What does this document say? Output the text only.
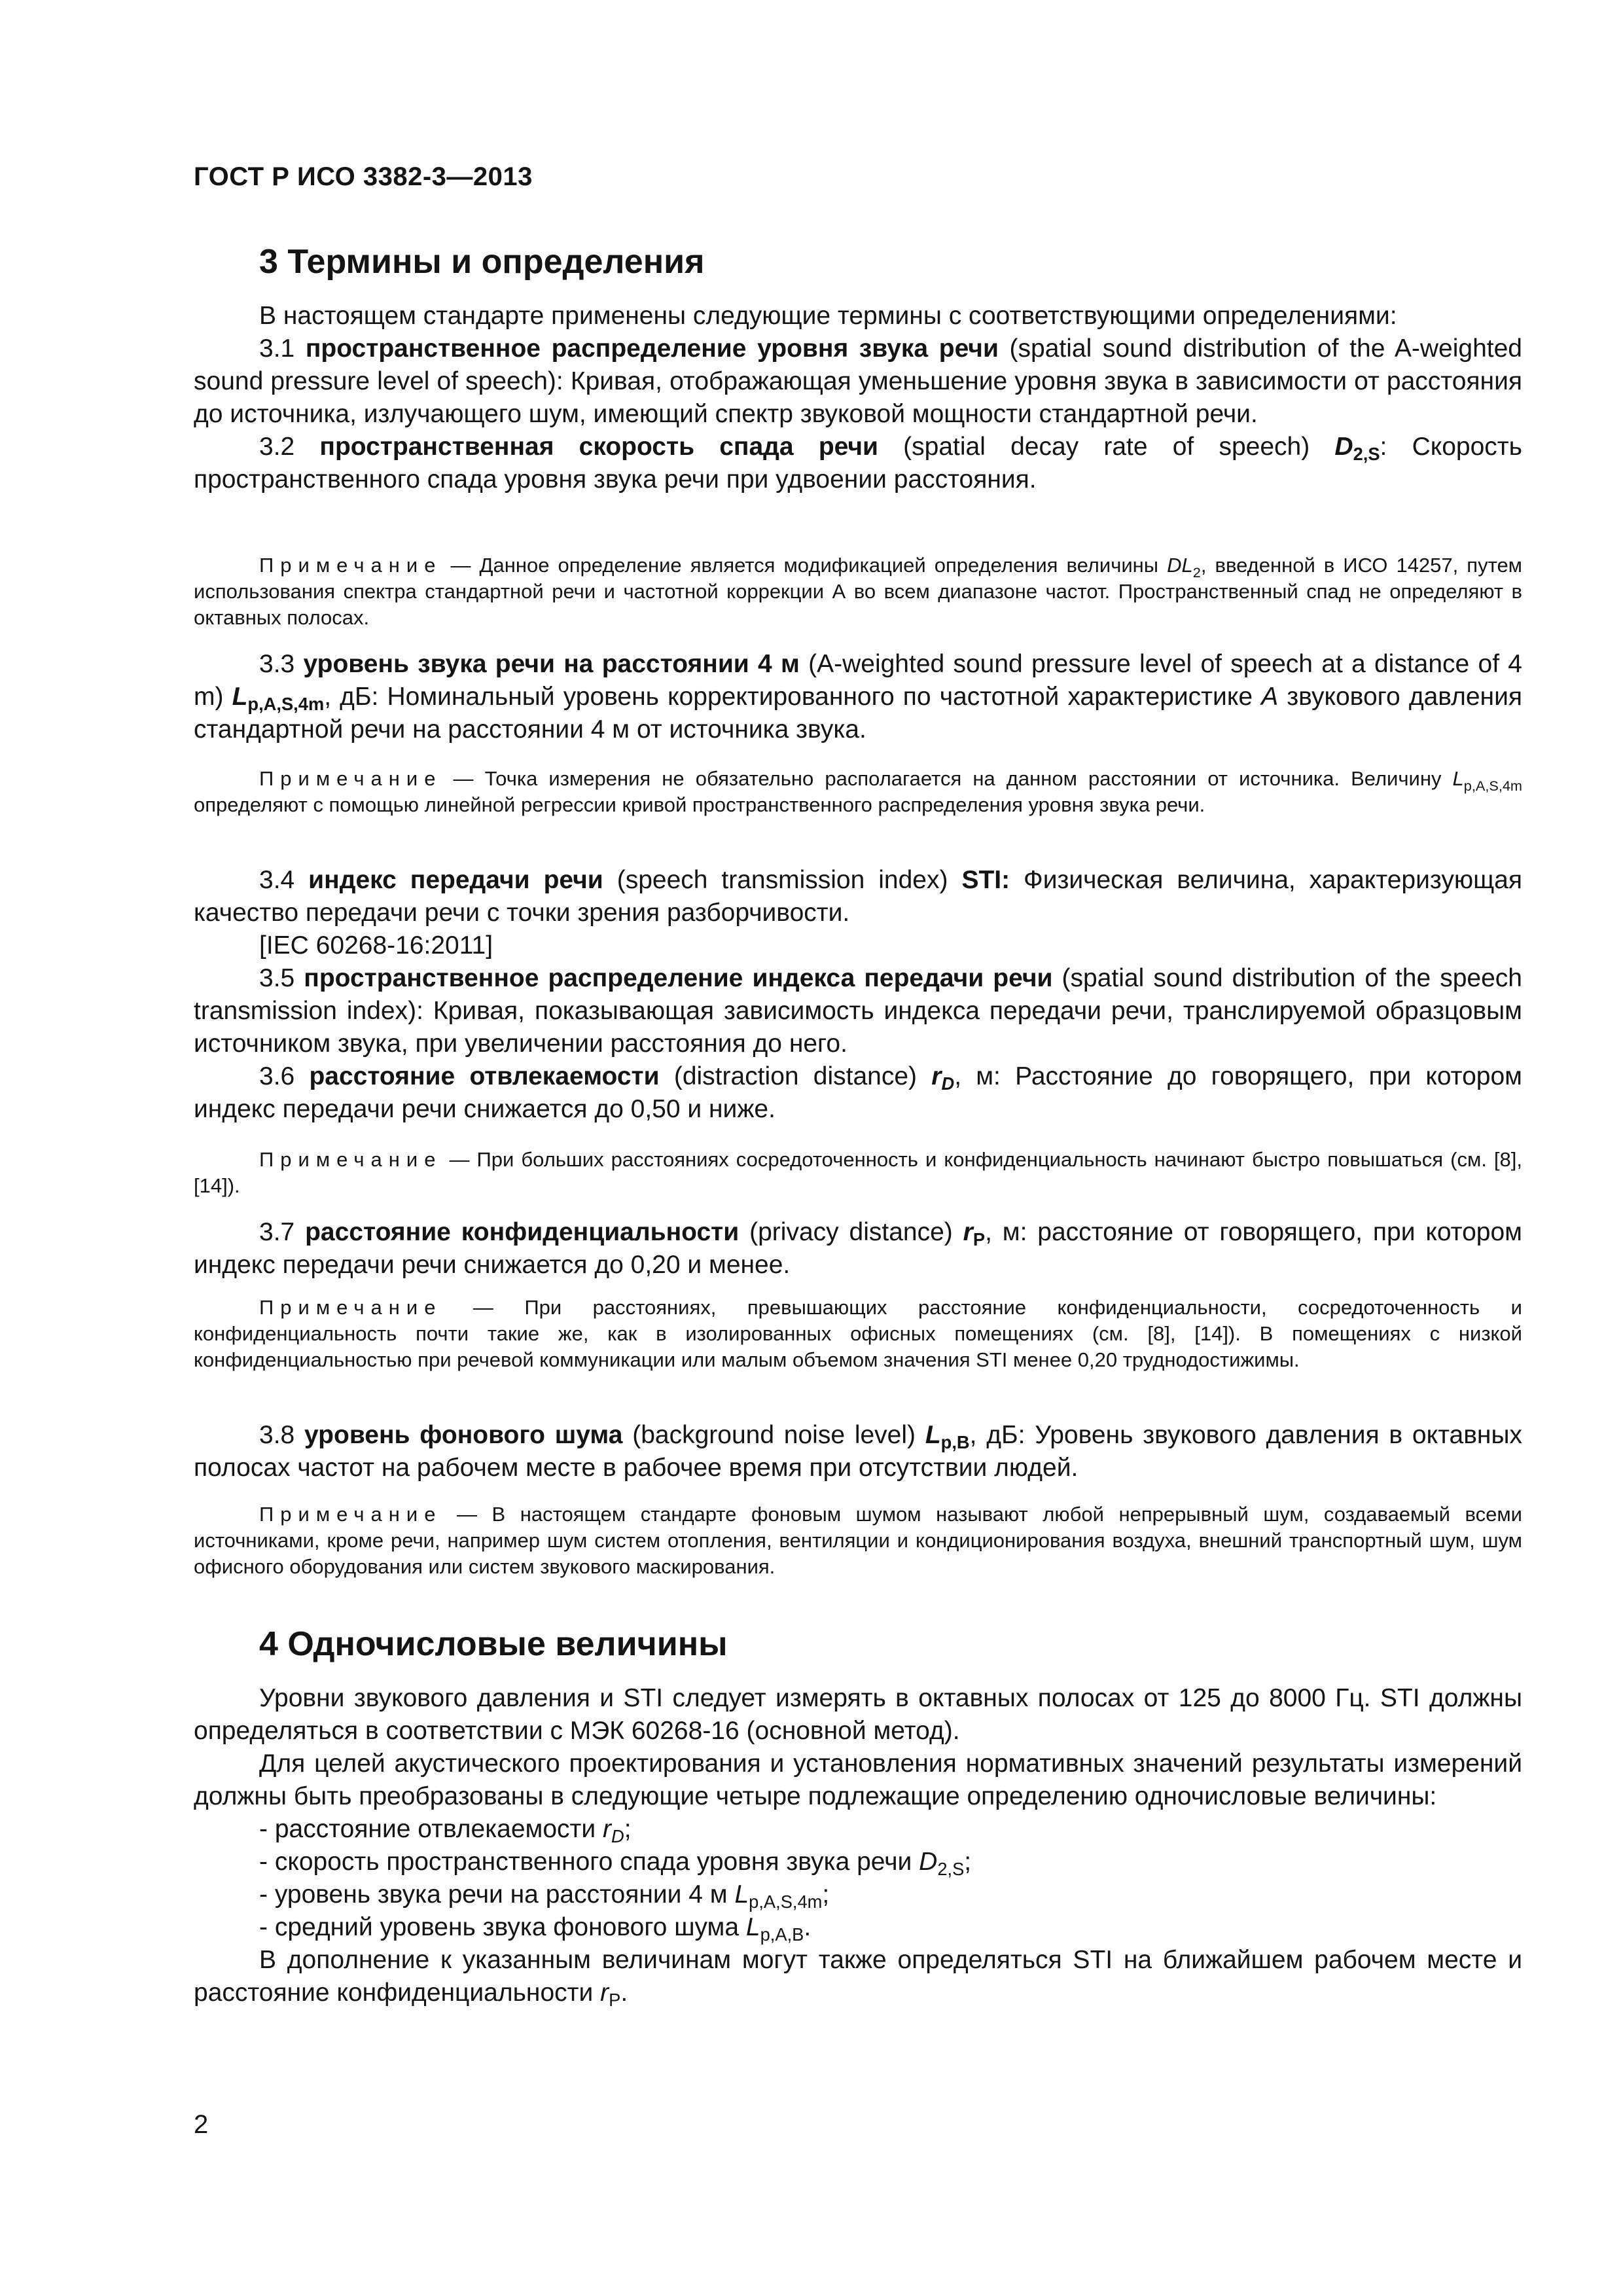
ГОСТ Р ИСО 3382-3—2013
3 Термины и определения

В настоящем стандарте применены следующие термины с соответствующими определениями:

3.1 пространственное распределение уровня звука речи (spatial sound distribution of the A-weighted sound pressure level of speech): Кривая, отображающая уменьшение уровня звука в зависимости от расстояния до источника, излучающего шум, имеющий спектр звуковой мощности стандартной речи.

3.2 пространственная скорость спада речи (spatial decay rate of speech) $D_{2,S}$: Скорость пространственного спада уровня звука речи при удвоении расстояния.

Примечание — Данное определение является модификацией определения величины $DL_2$, введенной в ИСО 14257, путем использования спектра стандартной речи и частотной коррекции А во всем диапазоне частот. Пространственный спад не определяют в октавных полосах.

3.3 уровень звука речи на расстоянии 4 м (A-weighted sound pressure level of speech at a distance of 4 m) $L_{p,A,S,4m}$, дБ: Номинальный уровень корректированного по частотной характеристике А звукового давления стандартной речи на расстоянии 4 м от источника звука.

Примечание — Точка измерения не обязательно располагается на данном расстоянии от источника. Величину $L_{p,A,S,4m}$ определяют с помощью линейной регрессии кривой пространственного распределения уровня звука речи.

3.4 индекс передачи речи (speech transmission index) STI: Физическая величина, характеризующая качество передачи речи с точки зрения разборчивости.

[IEC 60268-16:2011]

3.5 пространственное распределение индекса передачи речи (spatial sound distribution of the speech transmission index): Кривая, показывающая зависимость индекса передачи речи, транслируемой образцовым источником звука, при увеличении расстояния до него.

3.6 расстояние отвлекаемости (distraction distance) $r_D$, м: Расстояние до говорящего, при котором индекс передачи речи снижается до 0,50 и ниже.

Примечание — При больших расстояниях сосредоточенность и конфиденциальность начинают быстро повышаться (см. [8], [14]).

3.7 расстояние конфиденциальности (privacy distance) $r_P$, м: расстояние от говорящего, при котором индекс передачи речи снижается до 0,20 и менее.

Примечание — При расстояниях, превышающих расстояние конфиденциальности, сосредоточенность и конфиденциальность почти такие же, как в изолированных офисных помещениях (см. [8], [14]). В помещениях с низкой конфиденциальностью при речевой коммуникации или малым объемом значения STI менее 0,20 труднодостижимы.

3.8 уровень фонового шума (background noise level) $L_{p,B}$, дБ: Уровень звукового давления в октавных полосах частот на рабочем месте в рабочее время при отсутствии людей.

Примечание — В настоящем стандарте фоновым шумом называют любой непрерывный шум, создаваемый всеми источниками, кроме речи, например шум систем отопления, вентиляции и кондиционирования воздуха, внешний транспортный шум, шум офисного оборудования или систем звукового маскирования.

4 Одночисловые величины

Уровни звукового давления и STI следует измерять в октавных полосах от 125 до 8000 Гц. STI должны определяться в соответствии с МЭК 60268-16 (основной метод).

Для целей акустического проектирования и установления нормативных значений результаты измерений должны быть преобразованы в следующие четыре подлежащие определению одночисловые величины:

- расстояние отвлекаемости $r_D$;

- скорость пространственного спада уровня звука речи $D_{2,S}$;

- уровень звука речи на расстоянии 4 м $L_{p,A,S,4m}$;

- средний уровень звука фонового шума $L_{p,A,B}$.

В дополнение к указанным величинам могут также определяться STI на ближайшем рабочем месте и расстояние конфиденциальности $r_P$.

2
